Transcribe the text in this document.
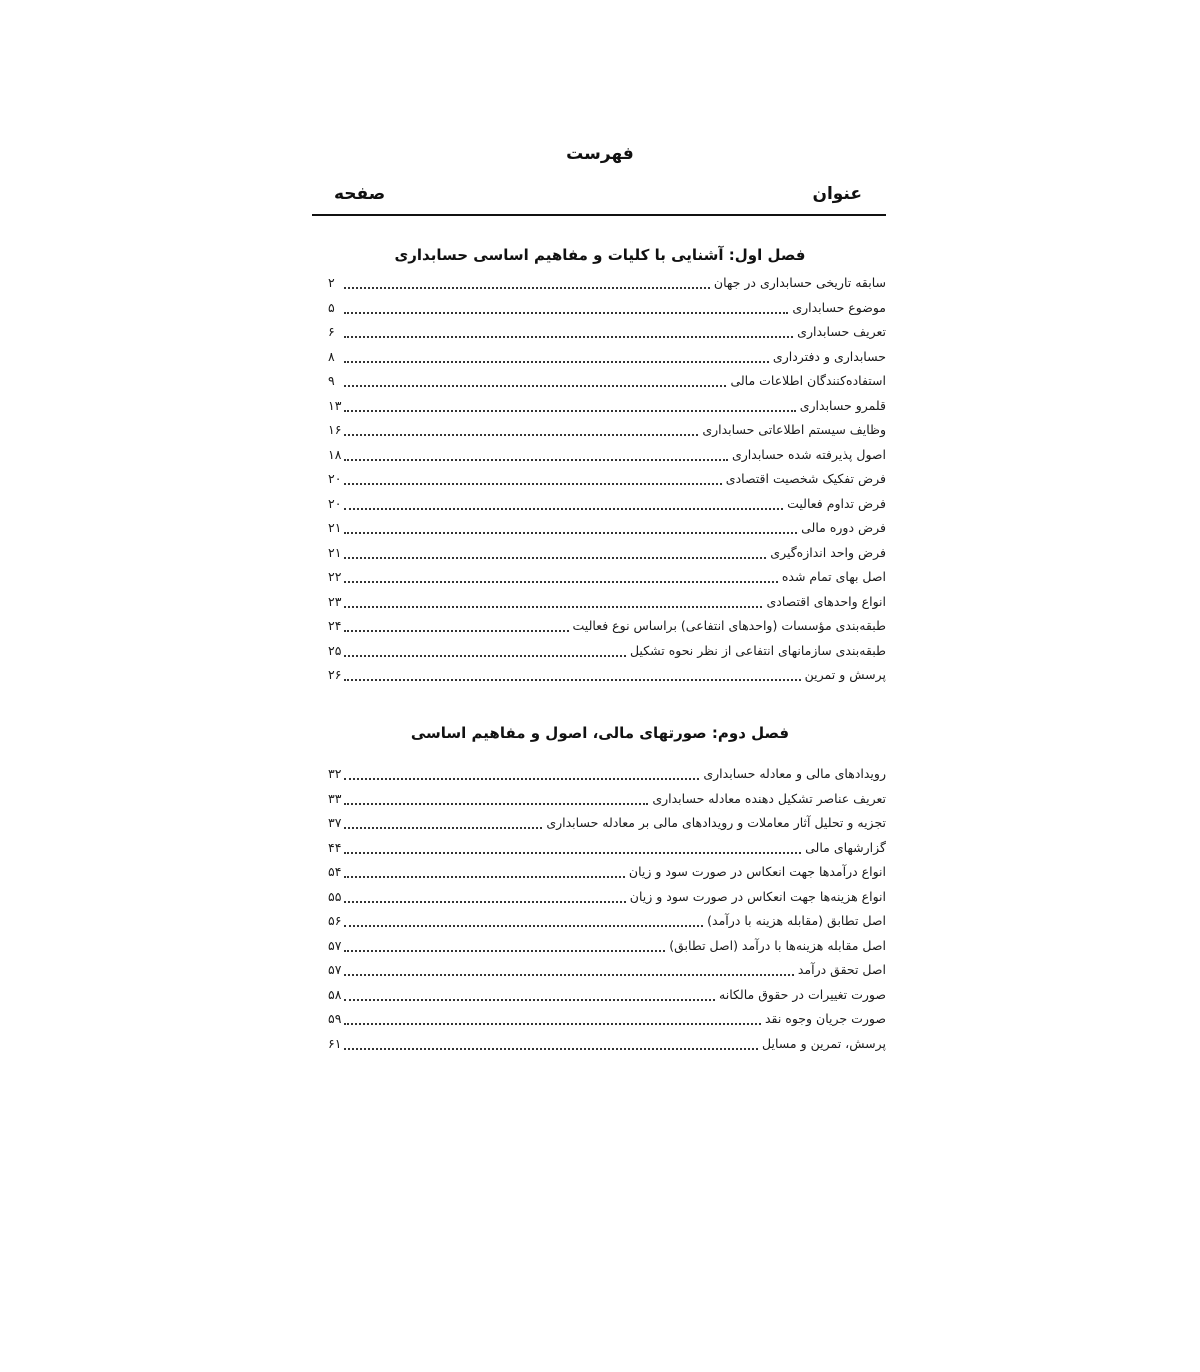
فهرست
عنوان
صفحه
فصل اول: آشنایی با کلیات و مفاهیم اساسی حسابداری
سابقه تاریخی حسابداری در جهان
۲
موضوع حسابداری
۵
تعریف حسابداری
۶
حسابداری و دفترداری
۸
استفاده‌کنندگان اطلاعات مالی
۹
قلمرو حسابداری
۱۳
وظایف سیستم اطلاعاتی حسابداری
۱۶
اصول پذیرفته شده حسابداری
۱۸
فرض تفکیک شخصیت اقتصادی
۲۰
فرض تداوم فعالیت
۲۰
فرض دوره مالی
۲۱
فرض واحد اندازه‌گیری
۲۱
اصل بهای تمام شده
۲۲
انواع واحدهای اقتصادی
۲۳
طبقه‌بندی مؤسسات (واحدهای انتفاعی) براساس نوع فعالیت
۲۴
طبقه‌بندی سازمانهای انتفاعی از نظر نحوه تشکیل
۲۵
پرسش و تمرین
۲۶
فصل دوم: صورتهای مالی، اصول و مفاهیم اساسی
رویدادهای مالی و معادله حسابداری
۳۲
تعریف عناصر تشکیل دهنده معادله حسابداری
۳۳
تجزیه و تحلیل آثار معاملات و رویدادهای مالی بر معادله حسابداری
۳۷
گزارشهای مالی
۴۴
انواع درآمدها جهت انعکاس در صورت سود و زیان
۵۴
انواع هزینه‌ها جهت انعکاس در صورت سود و زیان
۵۵
اصل تطابق (مقابله هزینه با درآمد)
۵۶
اصل مقابله هزینه‌ها با درآمد (اصل تطابق)
۵۷
اصل تحقق درآمد
۵۷
صورت تغییرات در حقوق مالکانه
۵۸
صورت جریان وجوه نقد
۵۹
پرسش، تمرین و مسایل
۶۱
